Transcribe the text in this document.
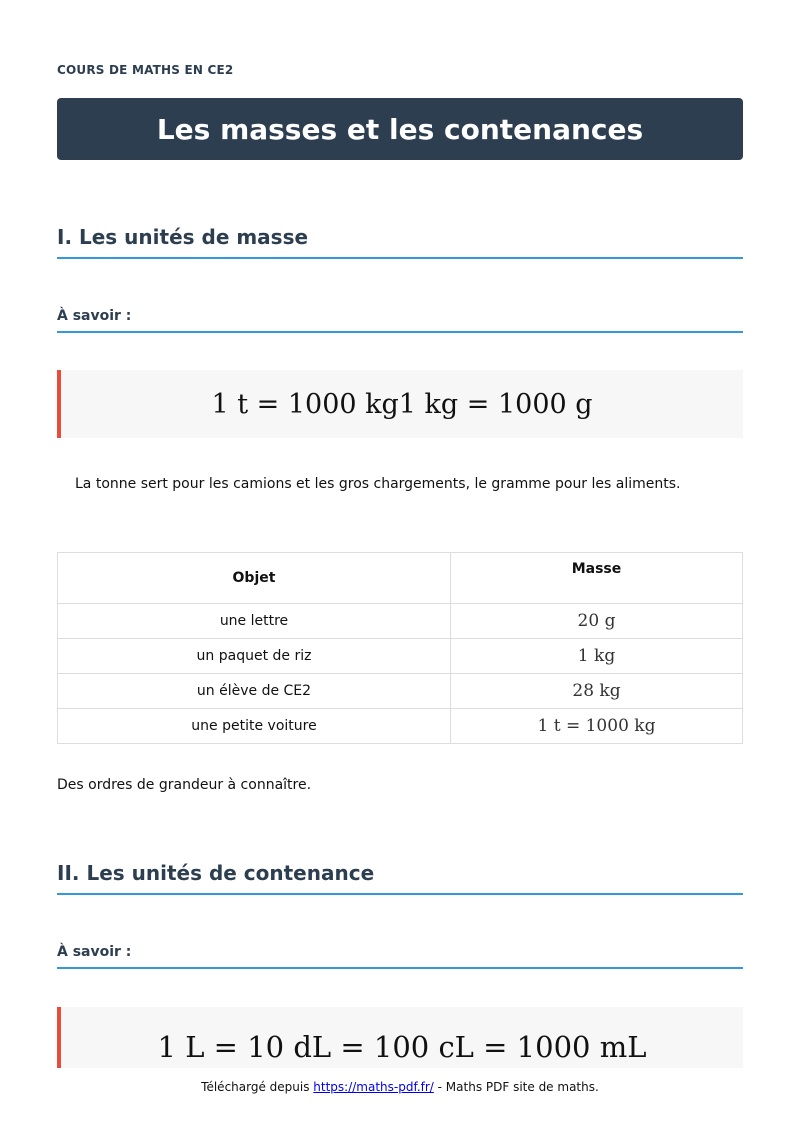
COURS DE MATHS EN CE2
Les masses et les contenances
I. Les unités de masse
À savoir :
1 t = 1000 kg1 kg = 1000 g

La tonne sert pour les camions et les gros chargements, le gramme pour les aliments.

Objet	Masse
une lettre	20 g
un paquet de riz	1 kg
un élève de CE2	28 kg
une petite voiture	1 t = 1000 kg

Des ordres de grandeur à connaître.

II. Les unités de contenance
À savoir :
1 L = 10 dL = 100 cL = 1000 mL
Téléchargé depuis https://maths-pdf.fr/ - Maths PDF site de maths.
